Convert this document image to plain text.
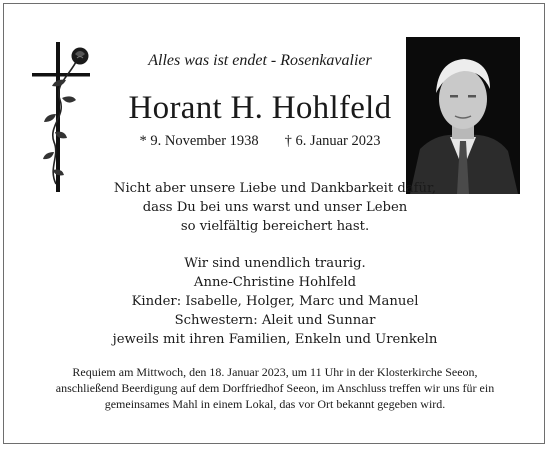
Alles was ist endet - Rosenkavalier
Horant H. Hohlfeld
* 9. November 1938 † 6. Januar 2023
Nicht aber unsere Liebe und Dankbarkeit dafür,
dass Du bei uns warst und unser Leben
so vielfältig bereichert hast.
Wir sind unendlich traurig.
Anne-Christine Hohlfeld
Kinder: Isabelle, Holger, Marc und Manuel
Schwestern: Aleit und Sunnar
jeweils mit ihren Familien, Enkeln und Urenkeln
Requiem am Mittwoch, den 18. Januar 2023, um 11 Uhr in der Klosterkirche Seeon,
anschließend Beerdigung auf dem Dorffriedhof Seeon, im Anschluss treffen wir uns für ein
gemeinsames Mahl in einem Lokal, das vor Ort bekannt gegeben wird.
